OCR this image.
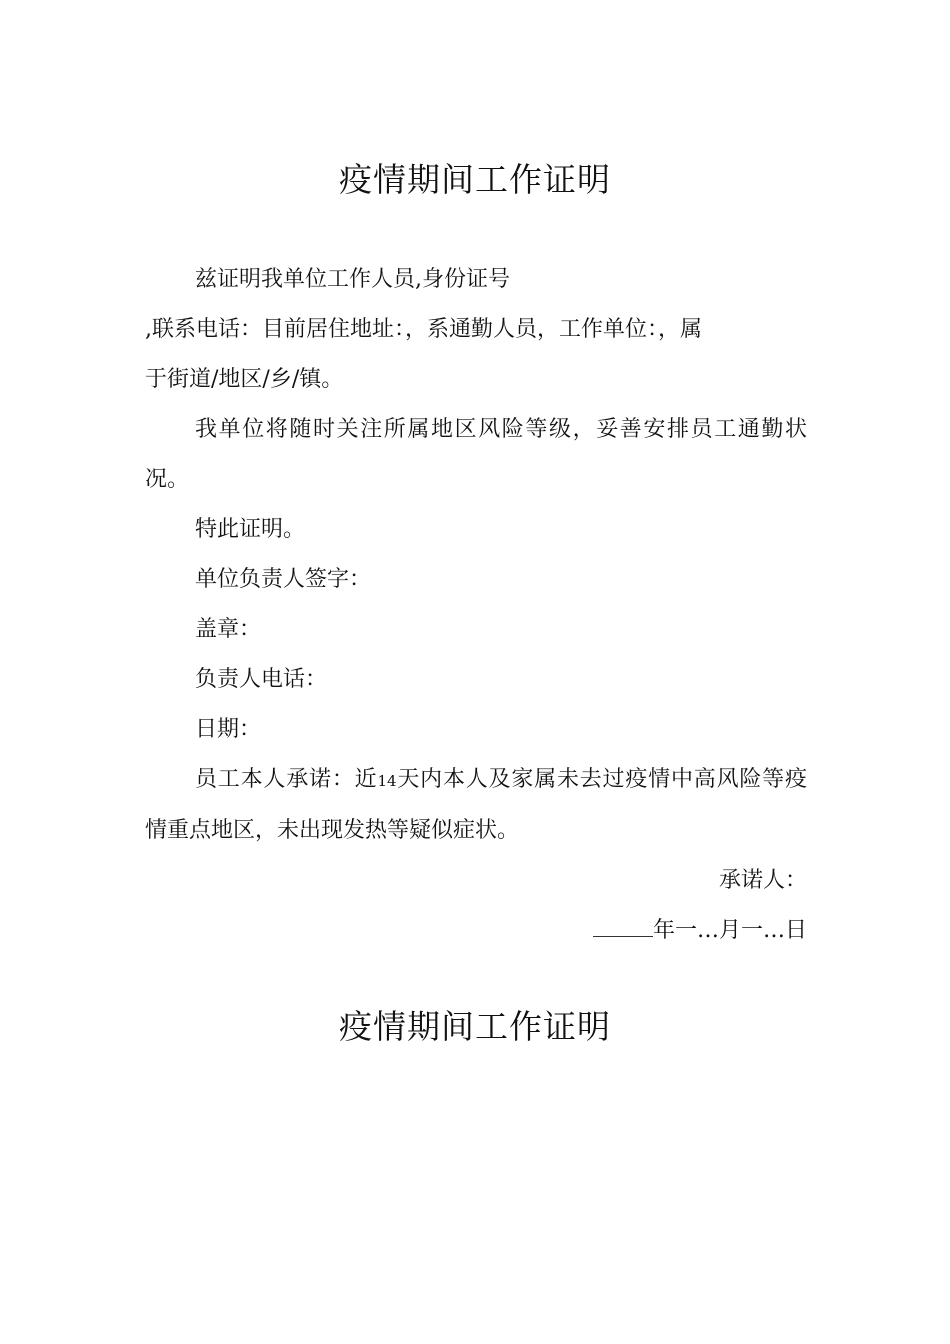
疫情期间工作证明

兹证明我单位工作人员,身份证号

,联系电话：目前居住地址：，系通勤人员，工作单位：，属

于街道/地区/乡/镇。

我单位将随时关注所属地区风险等级，妥善安排员工通勤状况。

特此证明。

单位负责人签字：

盖章：

负责人电话：

日期：

员工本人承诺：近14天内本人及家属未去过疫情中高风险等疫情重点地区，未出现发热等疑似症状。

承诺人：

年一…月一…日

疫情期间工作证明
